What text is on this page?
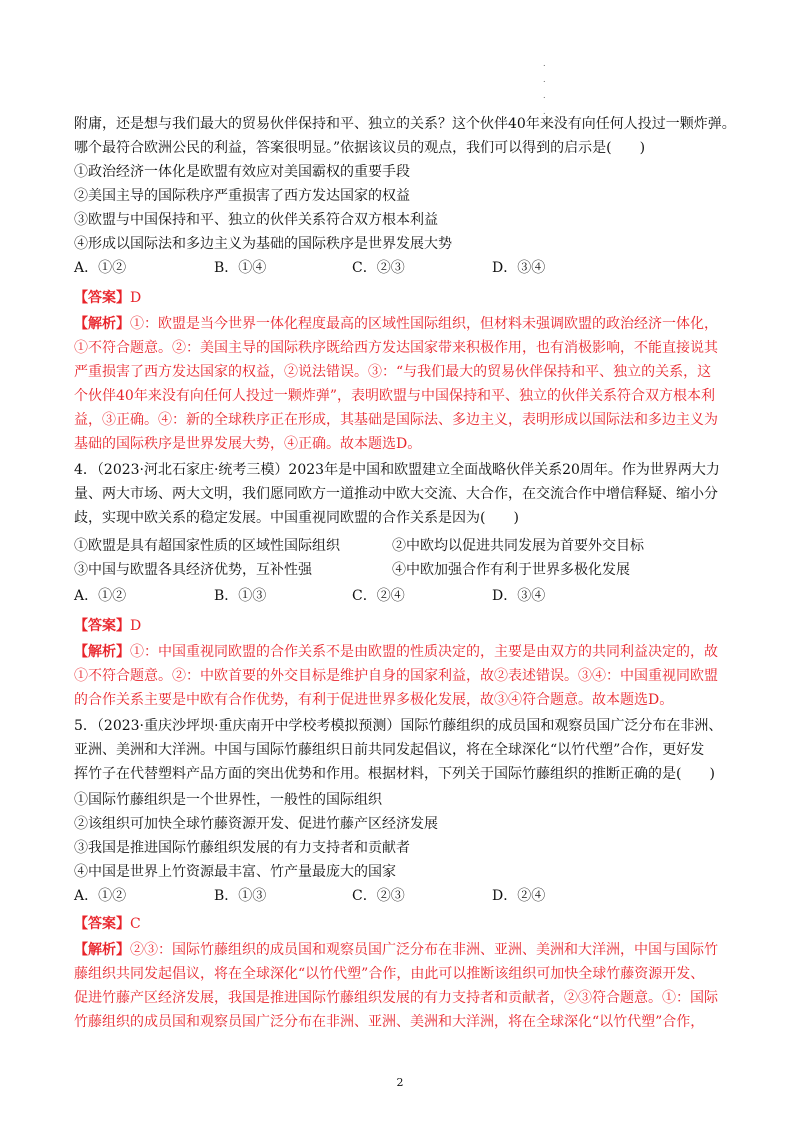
.
.
.
.
附庸，还是想与我们最大的贸易伙伴保持和平、独立的关系？这个伙伴40年来没有向任何人投过一颗炸弹。
哪个最符合欧洲公民的利益，答案很明显。”依据该议员的观点，我们可以得到的启示是(　　)
①政治经济一体化是欧盟有效应对美国霸权的重要手段
②美国主导的国际秩序严重损害了西方发达国家的权益
③欧盟与中国保持和平、独立的伙伴关系符合双方根本利益
④形成以国际法和多边主义为基础的国际秩序是世界发展大势
A．①②	B．①④	C．②③	D．③④
【答案】D
【解析】①：欧盟是当今世界一体化程度最高的区域性国际组织，但材料未强调欧盟的政治经济一体化，
①不符合题意。②：美国主导的国际秩序既给西方发达国家带来积极作用，也有消极影响，不能直接说其
严重损害了西方发达国家的权益，②说法错误。③：“与我们最大的贸易伙伴保持和平、独立的关系，这
个伙伴40年来没有向任何人投过一颗炸弹”，表明欧盟与中国保持和平、独立的伙伴关系符合双方根本利
益，③正确。④：新的全球秩序正在形成，其基础是国际法、多边主义，表明形成以国际法和多边主义为
基础的国际秩序是世界发展大势，④正确。故本题选D。
4．（2023·河北石家庄·统考三模）2023年是中国和欧盟建立全面战略伙伴关系20周年。作为世界两大力
量、两大市场、两大文明，我们愿同欧方一道推动中欧大交流、大合作，在交流合作中增信释疑、缩小分
歧，实现中欧关系的稳定发展。中国重视同欧盟的合作关系是因为(　　)
①欧盟是具有超国家性质的区域性国际组织	②中欧均以促进共同发展为首要外交目标
③中国与欧盟各具经济优势，互补性强	④中欧加强合作有利于世界多极化发展
A．①②	B．①③	C．②④	D．③④
【答案】D
【解析】①：中国重视同欧盟的合作关系不是由欧盟的性质决定的，主要是由双方的共同利益决定的，故
①不符合题意。②：中欧首要的外交目标是维护自身的国家利益，故②表述错误。③④：中国重视同欧盟
的合作关系主要是中欧有合作优势，有利于促进世界多极化发展，故③④符合题意。故本题选D。
5．（2023·重庆沙坪坝·重庆南开中学校考模拟预测）国际竹藤组织的成员国和观察员国广泛分布在非洲、
亚洲、美洲和大洋洲。中国与国际竹藤组织日前共同发起倡议，将在全球深化“以竹代塑”合作，更好发
挥竹子在代替塑料产品方面的突出优势和作用。根据材料，下列关于国际竹藤组织的推断正确的是(　　)
①国际竹藤组织是一个世界性，一般性的国际组织
②该组织可加快全球竹藤资源开发、促进竹藤产区经济发展
③我国是推进国际竹藤组织发展的有力支持者和贡献者
④中国是世界上竹资源最丰富、竹产量最庞大的国家
A．①②	B．①③	C．②③	D．②④
【答案】C
【解析】②③：国际竹藤组织的成员国和观察员国广泛分布在非洲、亚洲、美洲和大洋洲，中国与国际竹
藤组织共同发起倡议，将在全球深化“以竹代塑”合作，由此可以推断该组织可加快全球竹藤资源开发、
促进竹藤产区经济发展，我国是推进国际竹藤组织发展的有力支持者和贡献者，②③符合题意。①：国际
竹藤组织的成员国和观察员国广泛分布在非洲、亚洲、美洲和大洋洲，将在全球深化“以竹代塑”合作，
2
